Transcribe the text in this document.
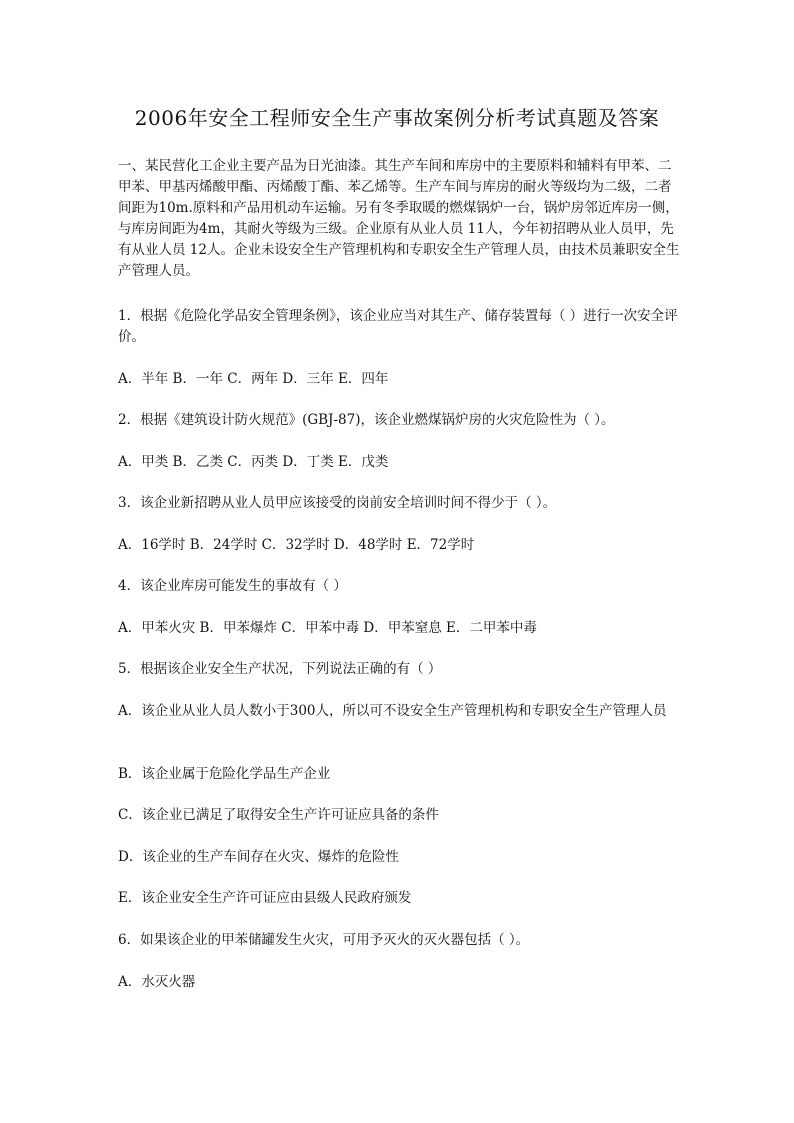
2006年安全工程师安全生产事故案例分析考试真题及答案
一、某民营化工企业主要产品为日光油漆。其生产车间和库房中的主要原料和辅料有甲苯、二甲苯、甲基丙烯酸甲酯、丙烯酸丁酯、苯乙烯等。生产车间与库房的耐火等级均为二级，二者间距为10m.原料和产品用机动车运输。另有冬季取暖的燃煤锅炉一台，锅炉房邻近库房一侧，与库房间距为4m，其耐火等级为三级。企业原有从业人员 11人，今年初招聘从业人员甲，先有从业人员 12人。企业未设安全生产管理机构和专职安全生产管理人员，由技术员兼职安全生产管理人员。
1．根据《危险化学品安全管理条例》，该企业应当对其生产、储存装置每（ ）进行一次安全评价。
A．半年 B．一年 C．两年 D．三年 E．四年
2．根据《建筑设计防火规范》(GBJ-87)，该企业燃煤锅炉房的火灾危险性为（ ）。
A．甲类 B．乙类 C．丙类 D．丁类 E．戊类
3．该企业新招聘从业人员甲应该接受的岗前安全培训时间不得少于（ ）。
A．16学时 B．24学时 C．32学时 D．48学时 E．72学时
4．该企业库房可能发生的事故有（ ）
A．甲苯火灾 B．甲苯爆炸 C．甲苯中毒 D．甲苯窒息 E．二甲苯中毒
5．根据该企业安全生产状况，下列说法正确的有（ ）
A．该企业从业人员人数小于300人，所以可不设安全生产管理机构和专职安全生产管理人员
B．该企业属于危险化学品生产企业
C．该企业已满足了取得安全生产许可证应具备的条件
D．该企业的生产车间存在火灾、爆炸的危险性
E．该企业安全生产许可证应由县级人民政府颁发
6．如果该企业的甲苯储罐发生火灾，可用予灭火的灭火器包括（ ）。
A．水灭火器
